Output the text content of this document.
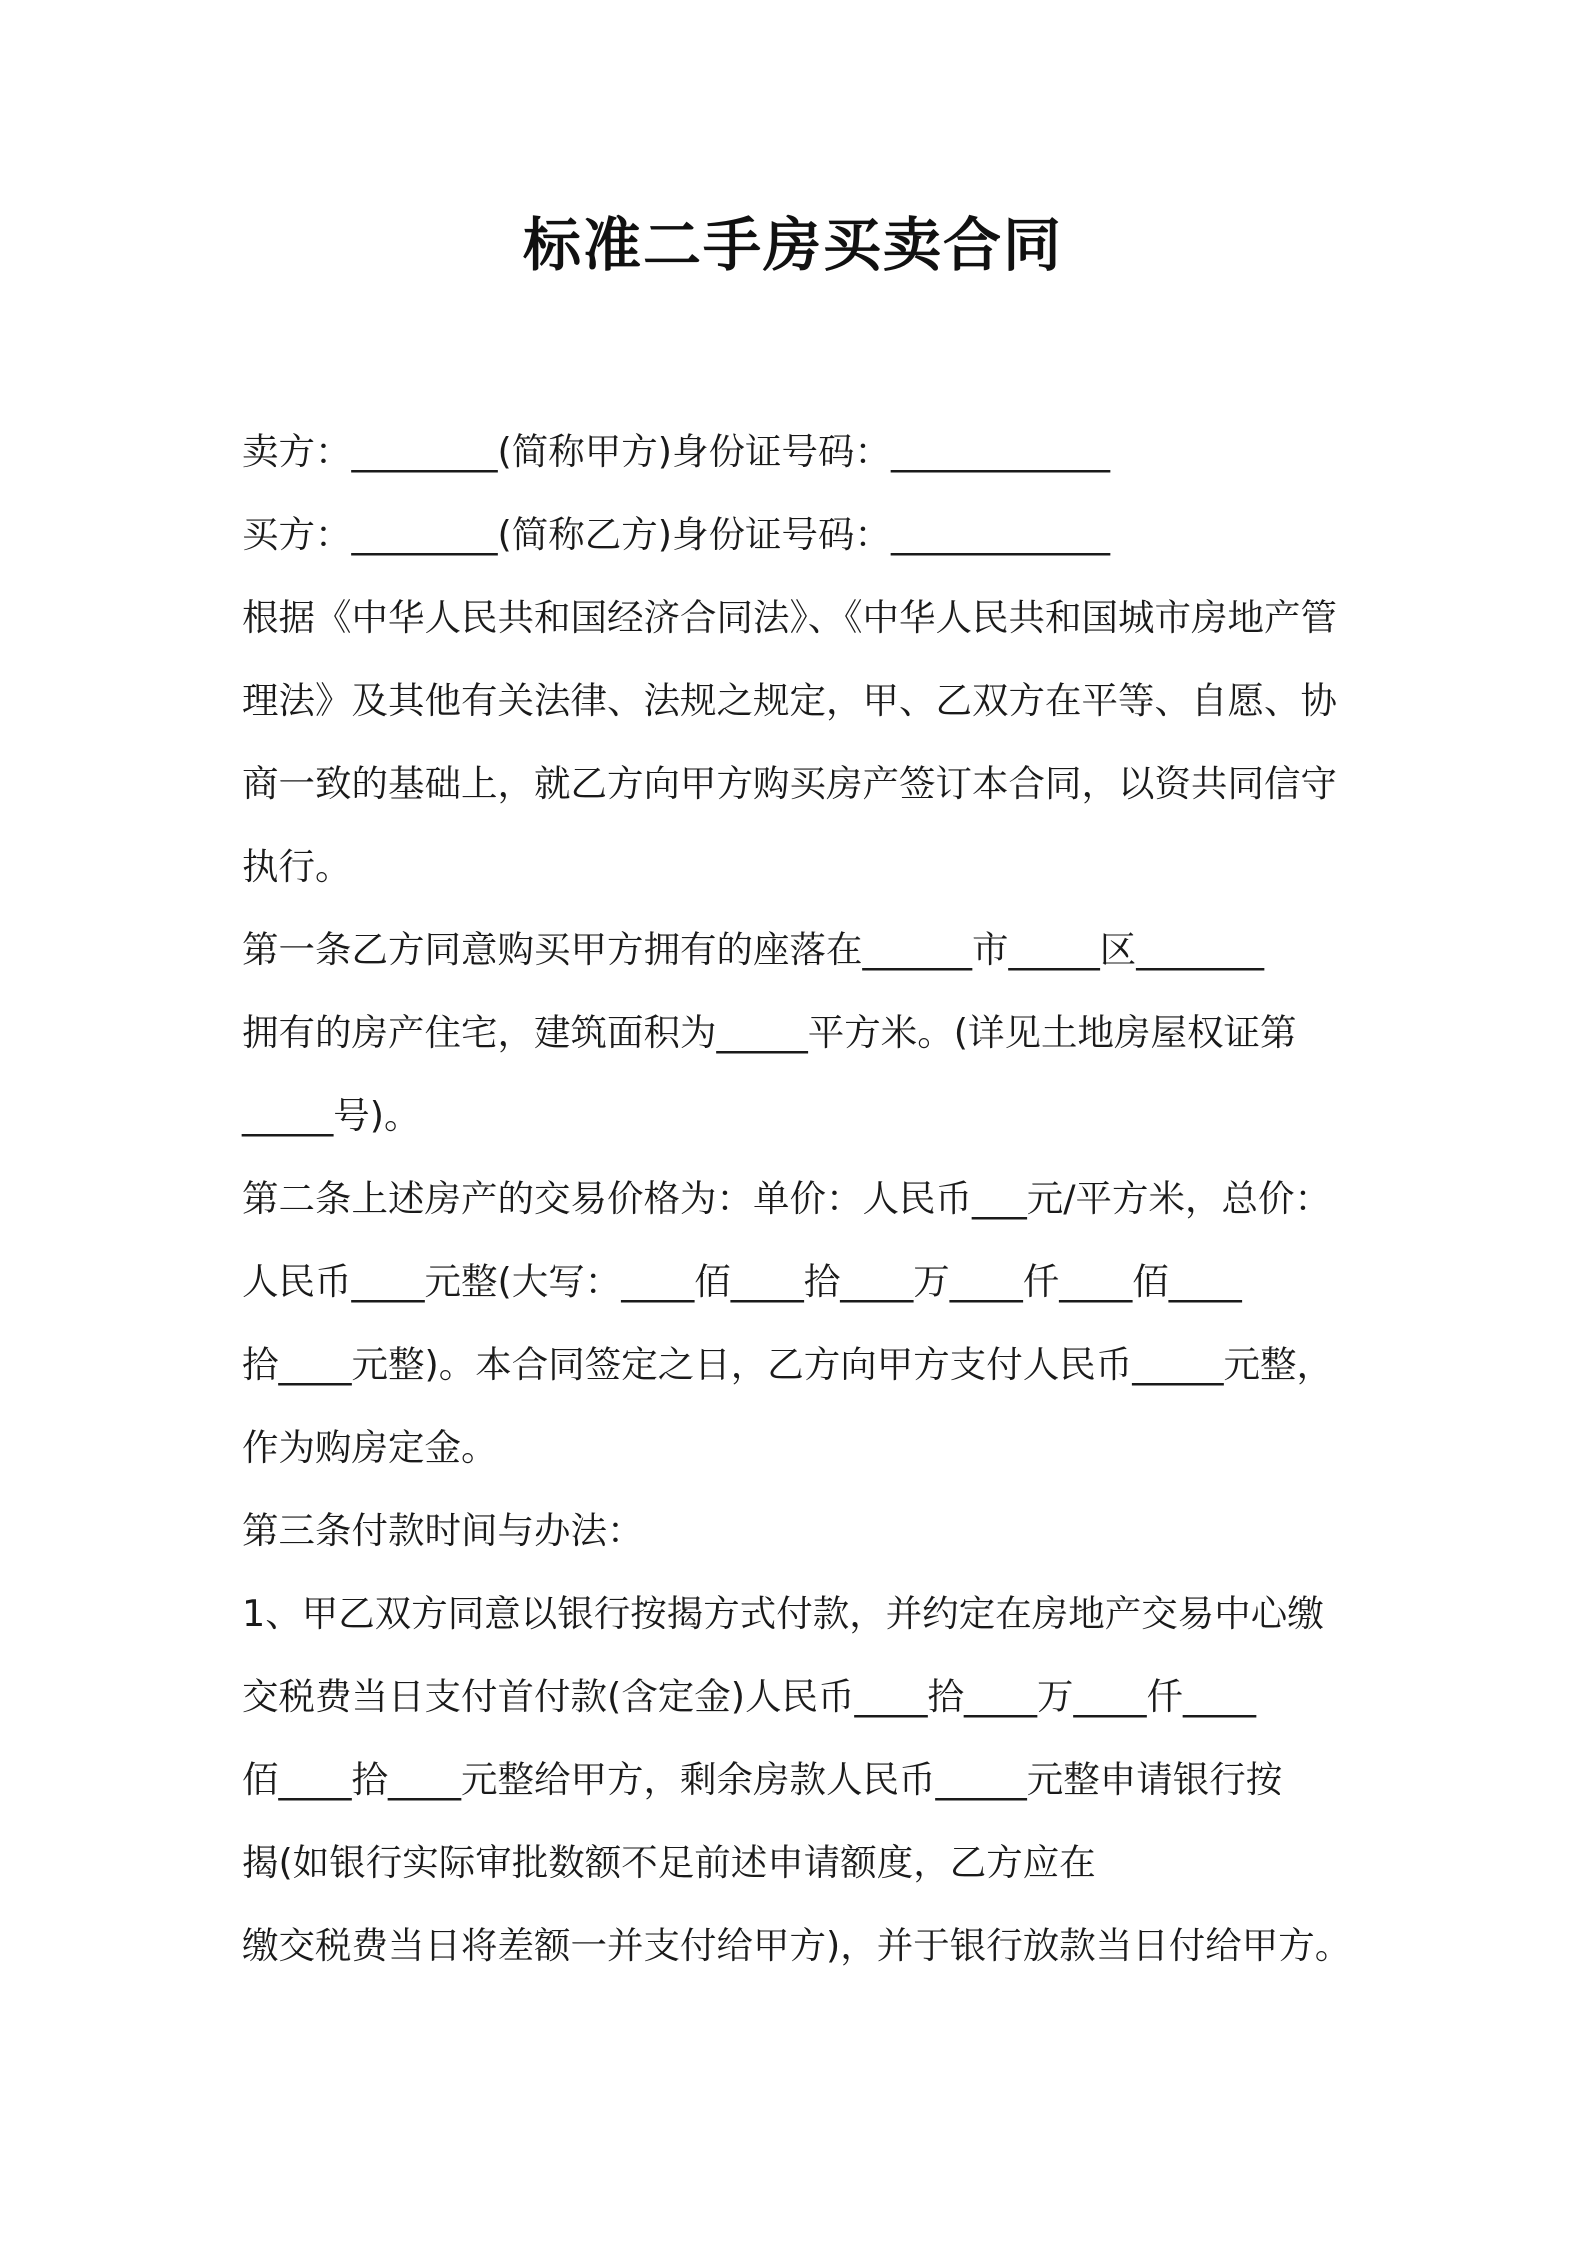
标准二手房买卖合同
卖方：________(简称甲方)身份证号码：____________
买方：________(简称乙方)身份证号码：____________
根据《中华人民共和国经济合同法》、《中华人民共和国城市房地产管
理法》及其他有关法律、法规之规定，甲、乙双方在平等、自愿、协
商一致的基础上，就乙方向甲方购买房产签订本合同，以资共同信守
执行。
第一条乙方同意购买甲方拥有的座落在______市_____区_______
拥有的房产住宅，建筑面积为_____平方米。(详见土地房屋权证第
_____号)。
第二条上述房产的交易价格为：单价：人民币___元/平方米，总价：
人民币____元整(大写：____佰____拾____万____仟____佰____
拾____元整)。本合同签定之日，乙方向甲方支付人民币_____元整，
作为购房定金。
第三条付款时间与办法：
1、甲乙双方同意以银行按揭方式付款，并约定在房地产交易中心缴
交税费当日支付首付款(含定金)人民币____拾____万____仟____
佰____拾____元整给甲方，剩余房款人民币_____元整申请银行按
揭(如银行实际审批数额不足前述申请额度，乙方应在
缴交税费当日将差额一并支付给甲方)，并于银行放款当日付给甲方。
